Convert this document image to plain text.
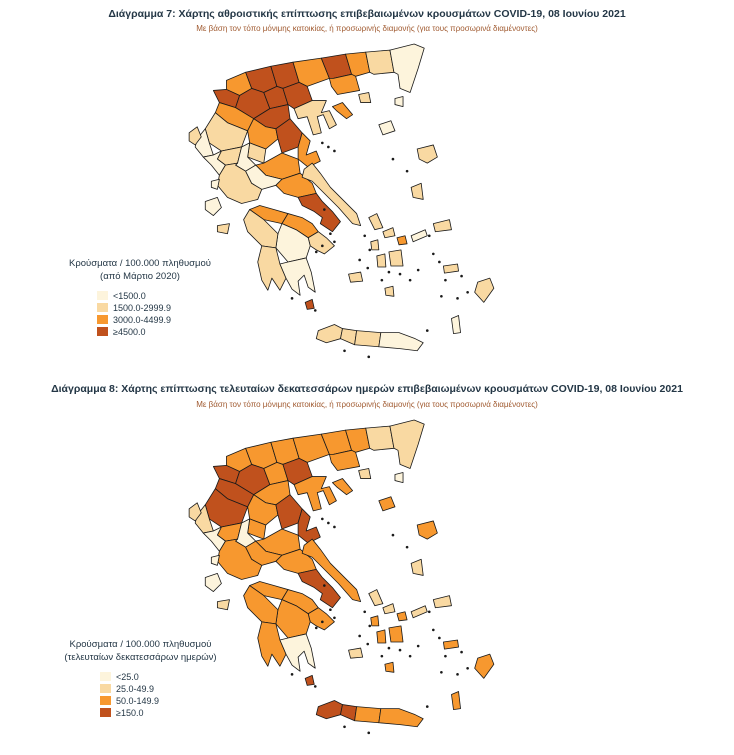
Διάγραμμα 7: Χάρτης αθροιστικής επίπτωσης επιβεβαιωμένων κρουσμάτων COVID-19, 08 Ιουνίου 2021
Με βάση τον τόπο μόνιμης κατοικίας, ή προσωρινής διαμονής (για τους προσωρινά διαμένοντες)
Κρούσματα / 100.000 πληθυσμού
(από Μάρτιο 2020)
<1500.0
1500.0-2999.9
3000.0-4499.9
≥4500.0
Διάγραμμα 8: Χάρτης επίπτωσης τελευταίων δεκατεσσάρων ημερών επιβεβαιωμένων κρουσμάτων COVID-19, 08 Ιουνίου 2021
Με βάση τον τόπο μόνιμης κατοικίας, ή προσωρινής διαμονής (για τους προσωρινά διαμένοντες)
Κρούσματα / 100.000 πληθυσμού
(τελευταίων δεκατεσσάρων ημερών)
<25.0
25.0-49.9
50.0-149.9
≥150.0
